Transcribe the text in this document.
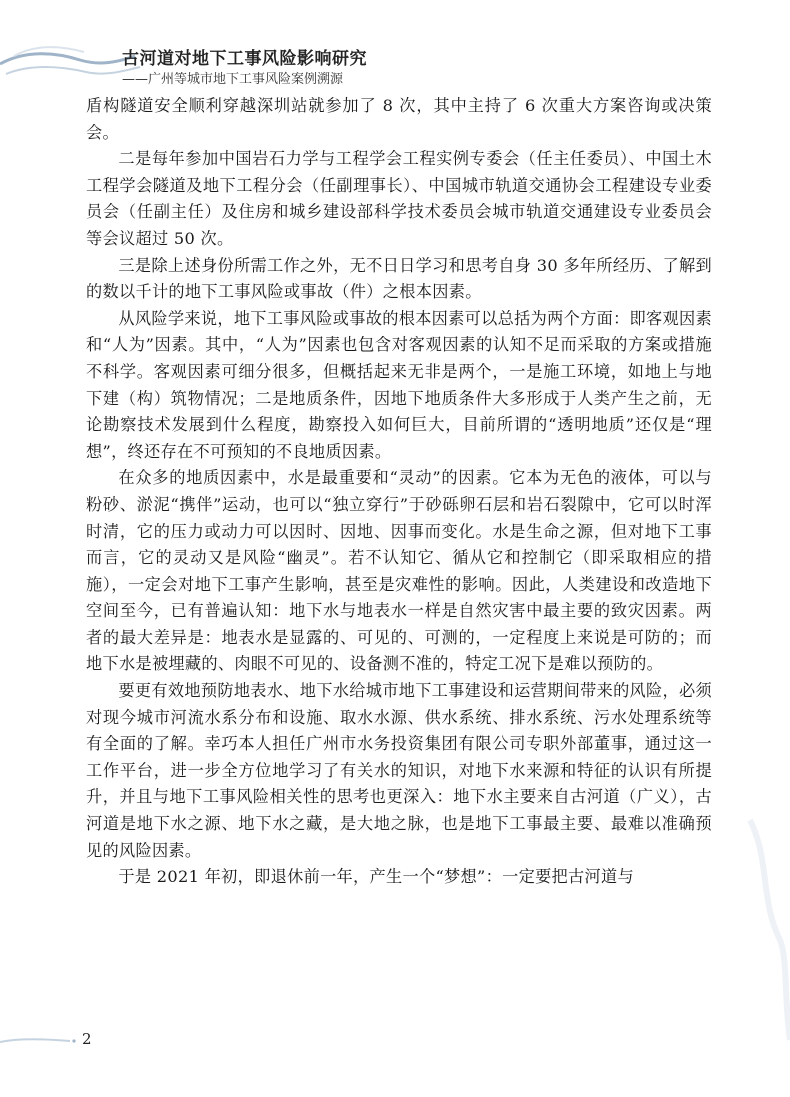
古河道对地下工事风险影响研究
——广州等城市地下工事风险案例溯源

盾构隧道安全顺利穿越深圳站就参加了 8 次，其中主持了 6 次重大方案咨询或决策会。

二是每年参加中国岩石力学与工程学会工程实例专委会（任主任委员）、中国土木工程学会隧道及地下工程分会（任副理事长）、中国城市轨道交通协会工程建设专业委员会（任副主任）及住房和城乡建设部科学技术委员会城市轨道交通建设专业委员会等会议超过 50 次。

三是除上述身份所需工作之外，无不日日学习和思考自身 30 多年所经历、了解到的数以千计的地下工事风险或事故（件）之根本因素。

从风险学来说，地下工事风险或事故的根本因素可以总括为两个方面：即客观因素和“人为”因素。其中，“人为”因素也包含对客观因素的认知不足而采取的方案或措施不科学。客观因素可细分很多，但概括起来无非是两个，一是施工环境，如地上与地下建（构）筑物情况；二是地质条件，因地下地质条件大多形成于人类产生之前，无论勘察技术发展到什么程度，勘察投入如何巨大，目前所谓的“透明地质”还仅是“理想”，终还存在不可预知的不良地质因素。

在众多的地质因素中，水是最重要和“灵动”的因素。它本为无色的液体，可以与粉砂、淤泥“携伴”运动，也可以“独立穿行”于砂砾卵石层和岩石裂隙中，它可以时浑时清，它的压力或动力可以因时、因地、因事而变化。水是生命之源，但对地下工事而言，它的灵动又是风险“幽灵”。若不认知它、循从它和控制它（即采取相应的措施），一定会对地下工事产生影响，甚至是灾难性的影响。因此，人类建设和改造地下空间至今，已有普遍认知：地下水与地表水一样是自然灾害中最主要的致灾因素。两者的最大差异是：地表水是显露的、可见的、可测的，一定程度上来说是可防的；而地下水是被埋藏的、肉眼不可见的、设备测不准的，特定工况下是难以预防的。

要更有效地预防地表水、地下水给城市地下工事建设和运营期间带来的风险，必须对现今城市河流水系分布和设施、取水水源、供水系统、排水系统、污水处理系统等有全面的了解。幸巧本人担任广州市水务投资集团有限公司专职外部董事，通过这一工作平台，进一步全方位地学习了有关水的知识，对地下水来源和特征的认识有所提升，并且与地下工事风险相关性的思考也更深入：地下水主要来自古河道（广义），古河道是地下水之源、地下水之藏，是大地之脉，也是地下工事最主要、最难以准确预见的风险因素。

于是 2021 年初，即退休前一年，产生一个“梦想”：一定要把古河道与

2
